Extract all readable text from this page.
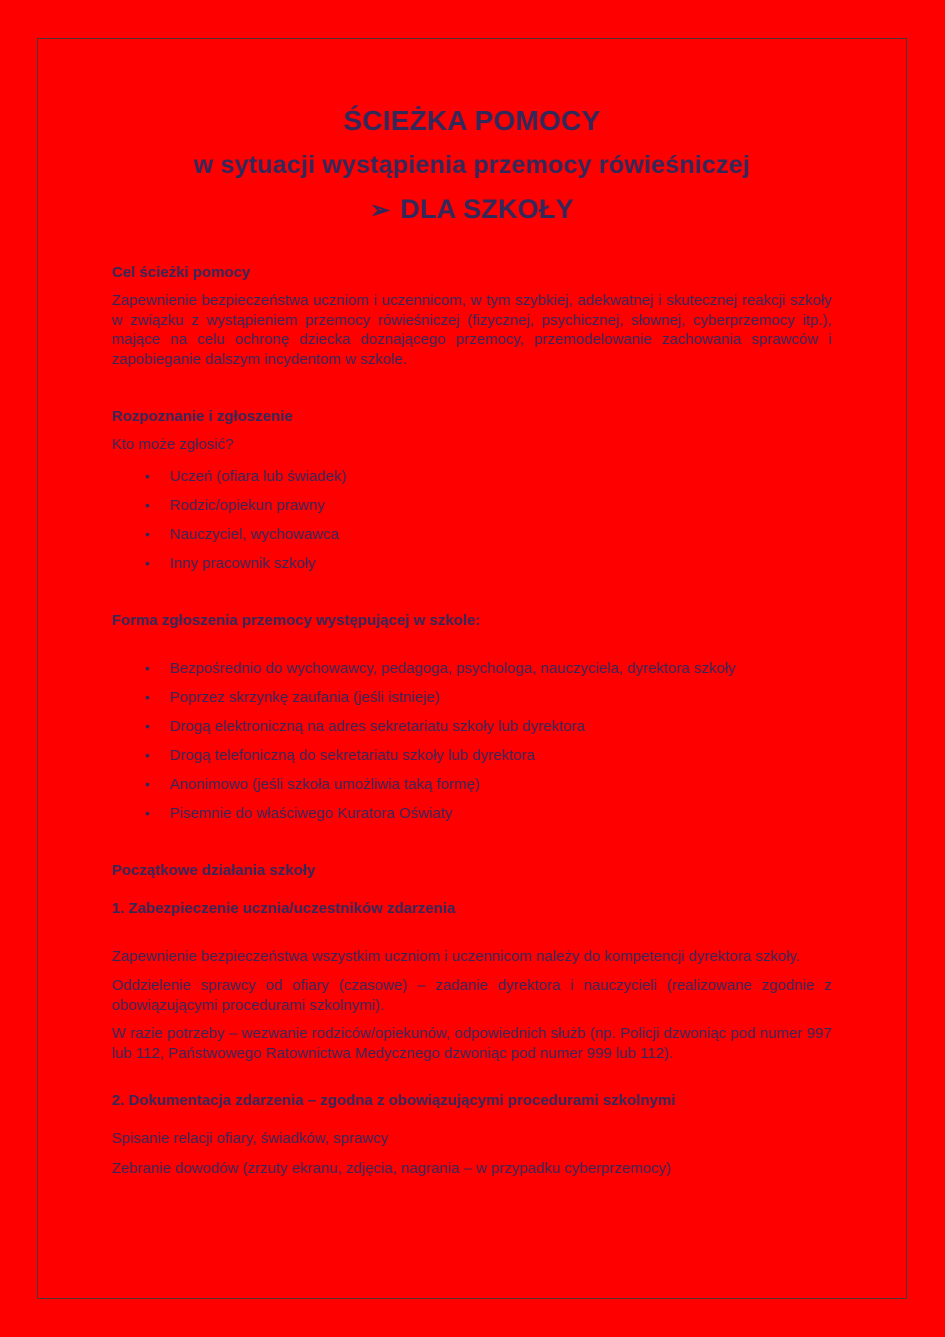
ŚCIEŻKA POMOCY
w sytuacji wystąpienia przemocy rówieśniczej
➢ DLA SZKOŁY

Cel ścieżki pomocy

Zapewnienie bezpieczeństwa uczniom i uczennicom, w tym szybkiej, adekwatnej i skutecznej reakcji szkoły w związku z wystąpieniem przemocy rówieśniczej (fizycznej, psychicznej, słownej, cyberprzemocy itp.), mające na celu ochronę dziecka doznającego przemocy, przemodelowanie zachowania sprawców i zapobieganie dalszym incydentom w szkole.

Rozpoznanie i zgłoszenie

Kto może zgłosić?

•	Uczeń (ofiara lub świadek)
•	Rodzic/opiekun prawny
•	Nauczyciel, wychowawca
•	Inny pracownik szkoły

Forma zgłoszenia przemocy występującej w szkole:

•	Bezpośrednio do wychowawcy, pedagoga, psychologa, nauczyciela, dyrektora szkoły
•	Poprzez skrzynkę zaufania (jeśli istnieje)
•	Drogą elektroniczną na adres sekretariatu szkoły lub dyrektora
•	Drogą telefoniczną do sekretariatu szkoły lub dyrektora
•	Anonimowo (jeśli szkoła umożliwia taką formę)
•	Pisemnie do właściwego Kuratora Oświaty

Początkowe działania szkoły

1. Zabezpieczenie ucznia/uczestników zdarzenia

Zapewnienie bezpieczeństwa wszystkim uczniom i uczennicom należy do kompetencji dyrektora szkoły.

Oddzielenie sprawcy od ofiary (czasowe) – zadanie dyrektora i nauczycieli (realizowane zgodnie z obowiązującymi procedurami szkolnymi).

W razie potrzeby – wezwanie rodziców/opiekunów, odpowiednich służb (np. Policji dzwoniąc pod numer 997 lub 112, Państwowego Ratownictwa Medycznego dzwoniąc pod numer 999 lub 112).

2. Dokumentacja zdarzenia – zgodna z obowiązującymi procedurami szkolnymi

Spisanie relacji ofiary, świadków, sprawcy

Zebranie dowodów (zrzuty ekranu, zdjęcia, nagrania – w przypadku cyberprzemocy)
